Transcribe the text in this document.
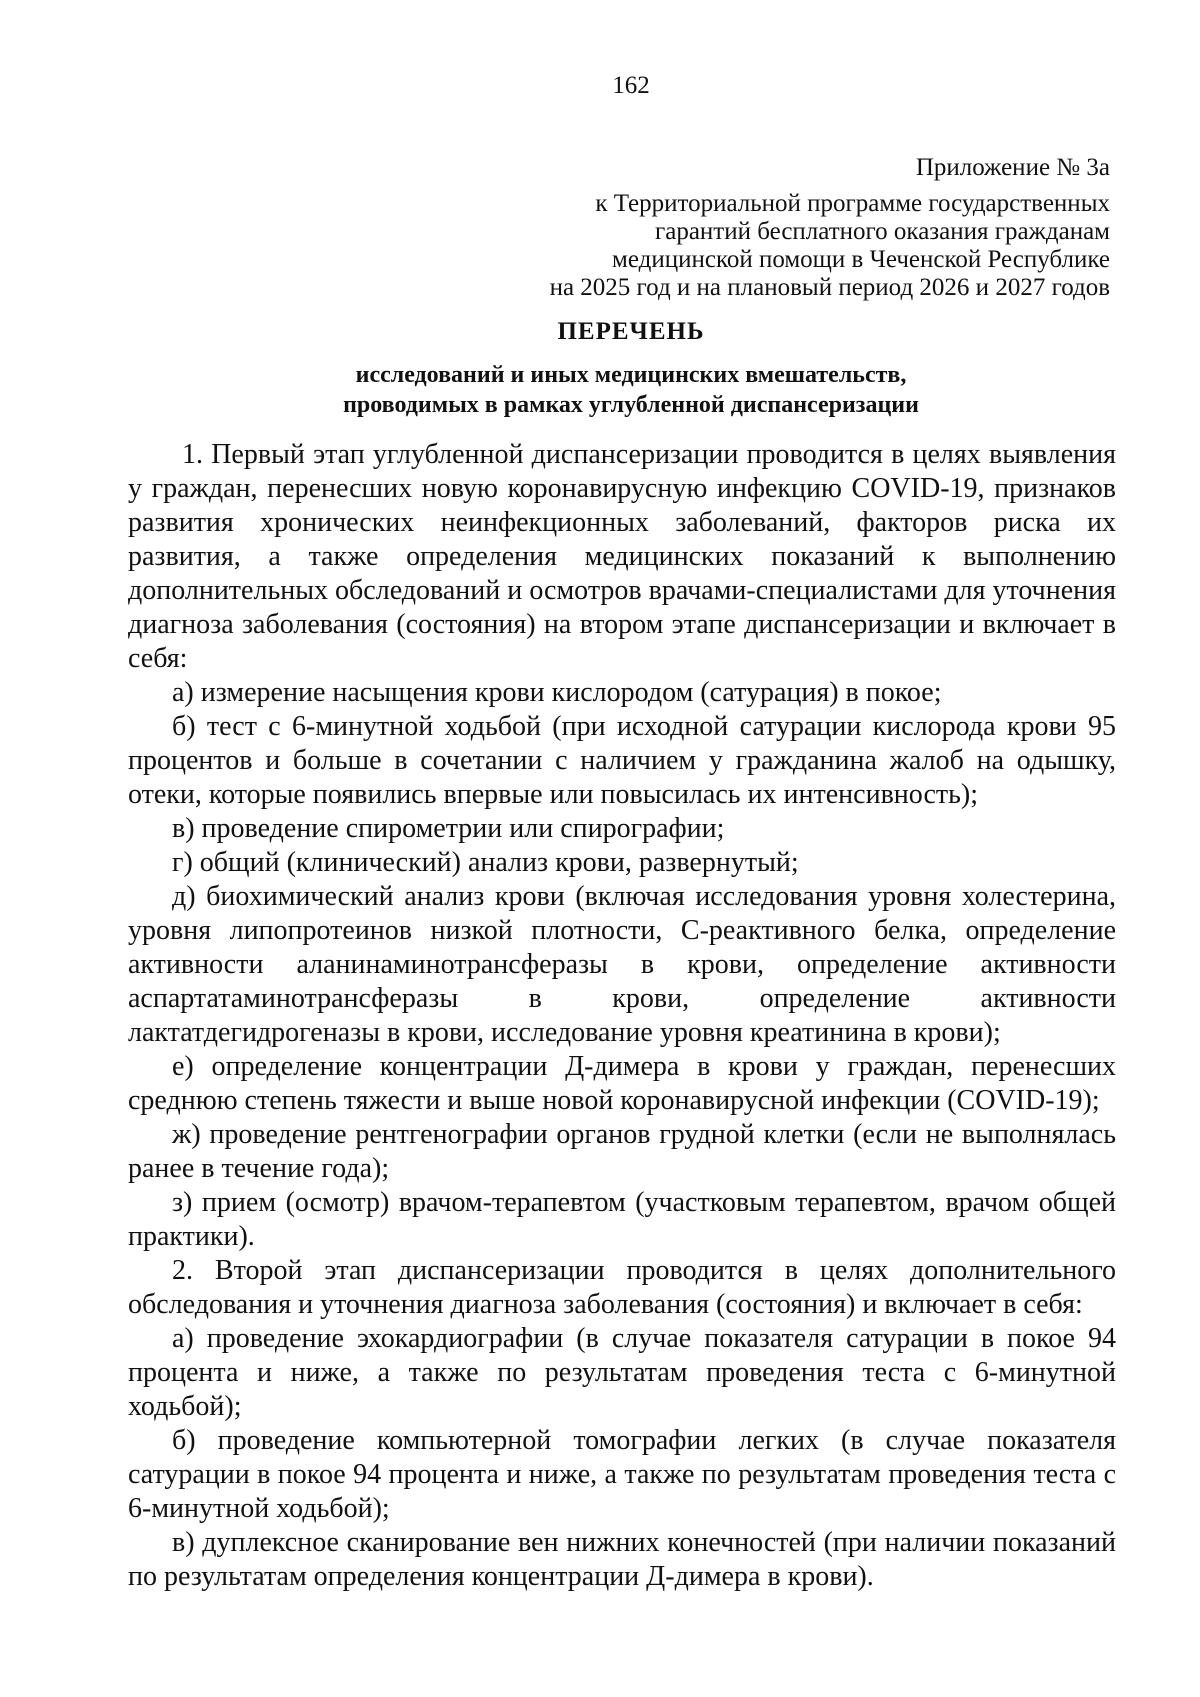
162
Приложение № 3а
к Территориальной программе государственных
гарантий бесплатного оказания гражданам
медицинской помощи в Чеченской Республике
на 2025 год и на плановый период 2026 и 2027 годов
ПЕРЕЧЕНЬ
исследований и иных медицинских вмешательств,
проводимых в рамках углубленной диспансеризации

1. Первый этап углубленной диспансеризации проводится в целях выявления у граждан, перенесших новую коронавирусную инфекцию COVID-19, признаков развития хронических неинфекционных заболеваний, факторов риска их развития, а также определения медицинских показаний к выполнению дополнительных обследований и осмотров врачами-специалистами для уточнения диагноза заболевания (состояния) на втором этапе диспансеризации и включает в себя:

а) измерение насыщения крови кислородом (сатурация) в покое;

б) тест с 6-минутной ходьбой (при исходной сатурации кислорода крови 95 процентов и больше в сочетании с наличием у гражданина жалоб на одышку, отеки, которые появились впервые или повысилась их интенсивность);

в) проведение спирометрии или спирографии;

г) общий (клинический) анализ крови, развернутый;

д) биохимический анализ крови (включая исследования уровня холестерина, уровня липопротеинов низкой плотности, С-реактивного белка, определение активности аланинаминотрансферазы в крови, определение активности аспартатаминотрансферазы в крови, определение активности лактатдегидрогеназы в крови, исследование уровня креатинина в крови);

е) определение концентрации Д-димера в крови у граждан, перенесших среднюю степень тяжести и выше новой коронавирусной инфекции (COVID-19);

ж) проведение рентгенографии органов грудной клетки (если не выполнялась ранее в течение года);

з) прием (осмотр) врачом-терапевтом (участковым терапевтом, врачом общей практики).

2. Второй этап диспансеризации проводится в целях дополнительного обследования и уточнения диагноза заболевания (состояния) и включает в себя:

а) проведение эхокардиографии (в случае показателя сатурации в покое 94 процента и ниже, а также по результатам проведения теста с 6-минутной ходьбой);

б) проведение компьютерной томографии легких (в случае показателя сатурации в покое 94 процента и ниже, а также по результатам проведения теста с 6-минутной ходьбой);

в) дуплексное сканирование вен нижних конечностей (при наличии показаний по результатам определения концентрации Д-димера в крови).
